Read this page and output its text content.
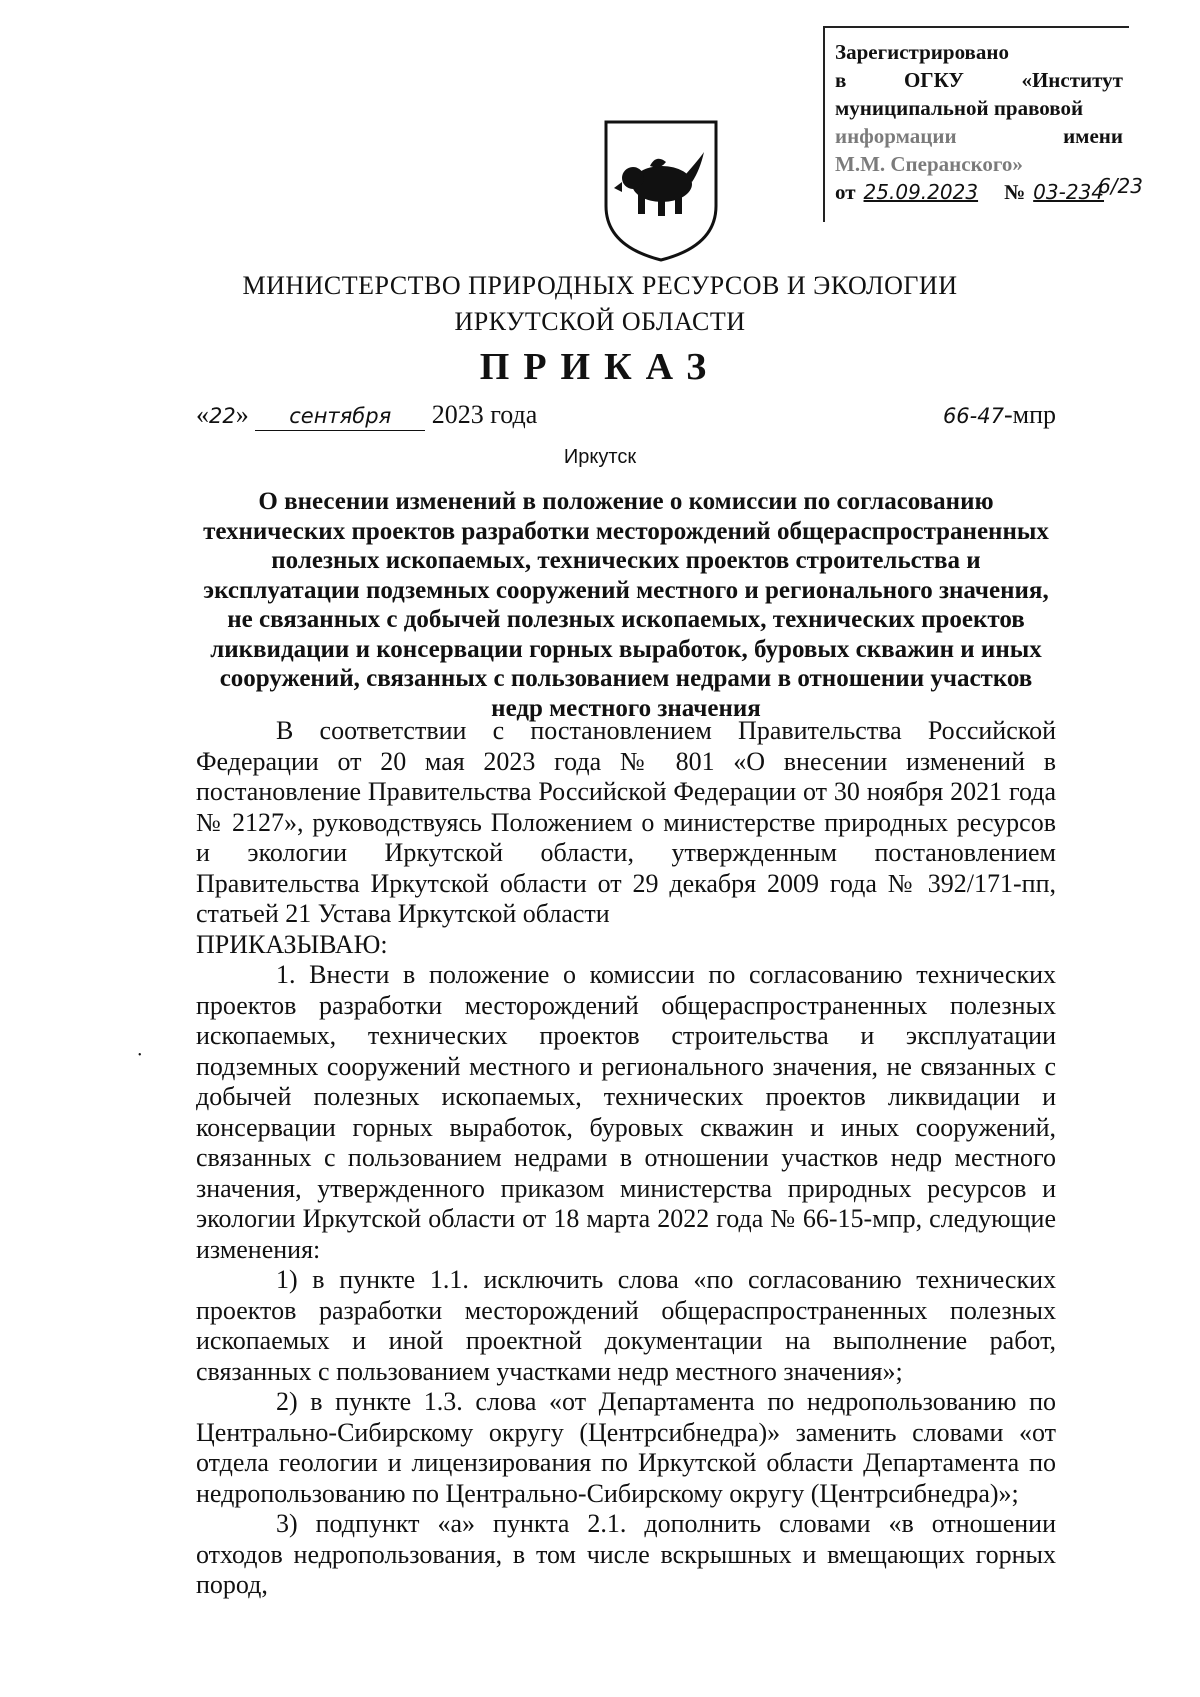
Зарегистрировано
в	ОГКУ	«Институт
муниципальной правовой
информации	имени
М.М. Сперанского»
от 25.09.2023 № 03-234
6/23
МИНИСТЕРСТВО ПРИРОДНЫХ РЕСУРСОВ И ЭКОЛОГИИ
ИРКУТСКОЙ ОБЛАСТИ
ПРИКАЗ
«22» сентября 2023 года	66-47-мпр
Иркутск
О внесении изменений в положение о комиссии по согласованию технических проектов разработки месторождений общераспространенных полезных ископаемых, технических проектов строительства и эксплуатации подземных сооружений местного и регионального значения, не связанных с добычей полезных ископаемых, технических проектов ликвидации и консервации горных выработок, буровых скважин и иных сооружений, связанных с пользованием недрами в отношении участков недр местного значения

В соответствии с постановлением Правительства Российской Федерации от 20 мая 2023 года № 801 «О внесении изменений в постановление Правительства Российской Федерации от 30 ноября 2021 года № 2127», руководствуясь Положением о министерстве природных ресурсов и экологии Иркутской области, утвержденным постановлением Правительства Иркутской области от 29 декабря 2009 года № 392/171-пп, статьей 21 Устава Иркутской области

ПРИКАЗЫВАЮ:

1. Внести в положение о комиссии по согласованию технических проектов разработки месторождений общераспространенных полезных ископаемых, технических проектов строительства и эксплуатации подземных сооружений местного и регионального значения, не связанных с добычей полезных ископаемых, технических проектов ликвидации и консервации горных выработок, буровых скважин и иных сооружений, связанных с пользованием недрами в отношении участков недр местного значения, утвержденного приказом министерства природных ресурсов и экологии Иркутской области от 18 марта 2022 года № 66-15-мпр, следующие изменения:

1) в пункте 1.1. исключить слова «по согласованию технических проектов разработки месторождений общераспространенных полезных ископаемых и иной проектной документации на выполнение работ, связанных с пользованием участками недр местного значения»;

2) в пункте 1.3. слова «от Департамента по недропользованию по Центрально-Сибирскому округу (Центрсибнедра)» заменить словами «от отдела геологии и лицензирования по Иркутской области Департамента по недропользованию по Центрально-Сибирскому округу (Центрсибнедра)»;

3) подпункт «а» пункта 2.1. дополнить словами «в отношении отходов недропользования, в том числе вскрышных и вмещающих горных пород,

•
